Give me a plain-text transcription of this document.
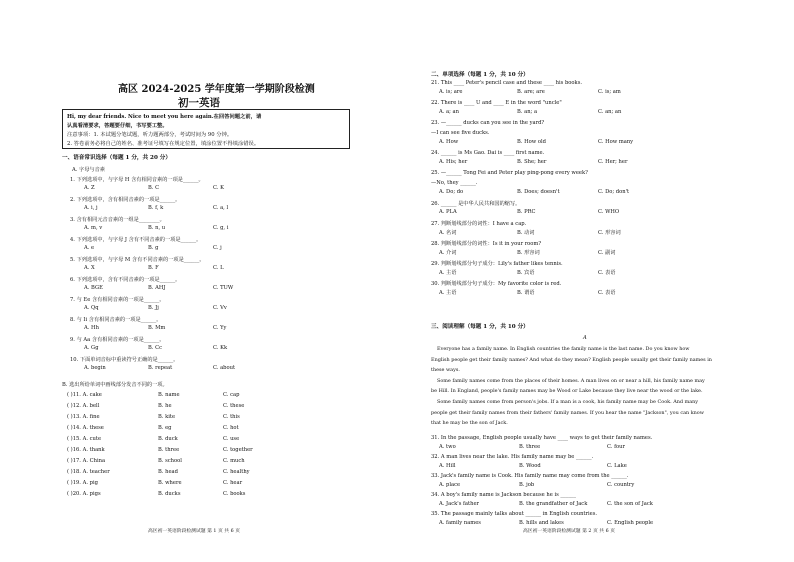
高区 2024-2025 学年度第一学期阶段检测
初一英语
Hi, my dear friends. Nice to meet you here again.在回答问题之前，请
认真看清要求，答题要仔细，书写要工整。
注意事项：1. 本试题分笔试题，听力题两部分，考试时间为 90 分钟。
2. 答卷前务必将自己的姓名、准考证号填写在规定位置，填涂位置不得填涂错误。
一、语音常识选择（每题 1 分，共 20 分）
A. 字母与音素
1. 下列选项中，与字母 H 含有相同音素的一项是______。
A. Z	B. C	C. K
2. 下列选项中，含有相同音素的一项是______。
A. i, j	B. f, k	C. a, l
3. 含有相同元音音素的一组是________。
A. m, v	B. n, u	C. g, i
4. 下列选项中，与字母 J 含有不同音素的一项是______。
A. e	B. g	C. j
5. 下列选项中，与字母 M 含有不同音素的一项是______。
A. X	B. F	C. L
6. 下列选项中，含有不同音素的一项是______。
A. BGE	B. AHJ	C. TUW
7. 与 Ee 含有相同音素的一项是______。
A. Qq	B. Jj	C. Vv
8. 与 Ii 含有相同音素的一项是______。
A. Hh	B. Mm	C. Yy
9. 与 Aa 含有相同音素的一项是______。
A. Gg	B. Cc	C. Kk
10. 下面单词音标中重读符号正确的是______。
A. begin	B. repeat	C. about
B. 选出所给单词中画线部分发音不同的一项。
( )11. A. cake	B. name	C. cap
( )12. A. bell	B. he	C. these
( )13. A. fine	B. kite	C. this
( )14. A. these	B. eg	C. hot
( )15. A. cute	B. duck	C. use
( )16. A. thank	B. three	C. together
( )17. A. China	B. school	C. much
( )18. A. teacher	B. head	C. healthy
( )19. A. pig	B. where	C. hear
( )20. A. pigs	B. ducks	C. books
高区初一英语阶段检测试题 第 1 页 共 6 页
二、单项选择（每题 1 分，共 10 分）
21. This ____ Peter's pencil case and these ____ his books.
A. is; are	B. are; are	C. is; am
22. There is ____ U and ____ E in the word "uncle"
A. a; an	B. an; a	C. an; an
23. —______ ducks can you see in the yard?
—I can see five ducks.
A. How	B. How old	C. How many
24. ______ is Ms Gao. Dai is ____ first name.
A. His; her	B. She; her	C. Her; her
25. —______ Tong Fei and Peter play ping-pong every week?
—No, they ______.
A. Do; do	B. Does; doesn't	C. Do; don't
26. ______ 是中华人民共和国的缩写。
A. PLA	B. PRC	C. WHO
27. 判断划线部分的词性：I have a cap.
A. 名词	B. 动词	C. 形容词
28. 判断划线部分的词性：Is it in your room?
A. 介词	B. 形容词	C. 副词
29. 判断划线部分句子成分：Lily's father likes tennis.
A. 主语	B. 宾语	C. 表语
30. 判断划线部分句子成分：My favorite color is red.
A. 主语	B. 谓语	C. 表语
三、阅读理解（每题 1 分，共 10 分）
A
Everyone has a family name. In English countries the family name is the last name. Do you know how
English people get their family names? And what do they mean? English people usually get their family names in
these ways.
Some family names come from the places of their homes. A man lives on or near a hill, his family name may
be Hill. In England, people's family names may be Wood or Lake because they live near the wood or the lake.
Some family names come from person's jobs. If a man is a cook, his family name may be Cook. And many
people get their family names from their fathers' family names. If you hear the name "Jackson", you can know
that he may be the son of Jack.
31. In the passage, English people usually have ____ ways to get their family names.
A. two	B. three	C. four
32. A man lives near the lake. His family name may be ______.
A. Hill	B. Wood	C. Lake
33. Jack's family name is Cook. His family name may come from the ______.
A. place	B. job	C. country
34. A boy's family name is Jackson because he is ______
A. Jack's father	B. the grandfather of Jack	C. the son of Jack
35. The passage mainly talks about ______ in English countries.
A. family names	B. hills and lakes	C. English people
高区初一英语阶段检测试题 第 2 页 共 6 页
